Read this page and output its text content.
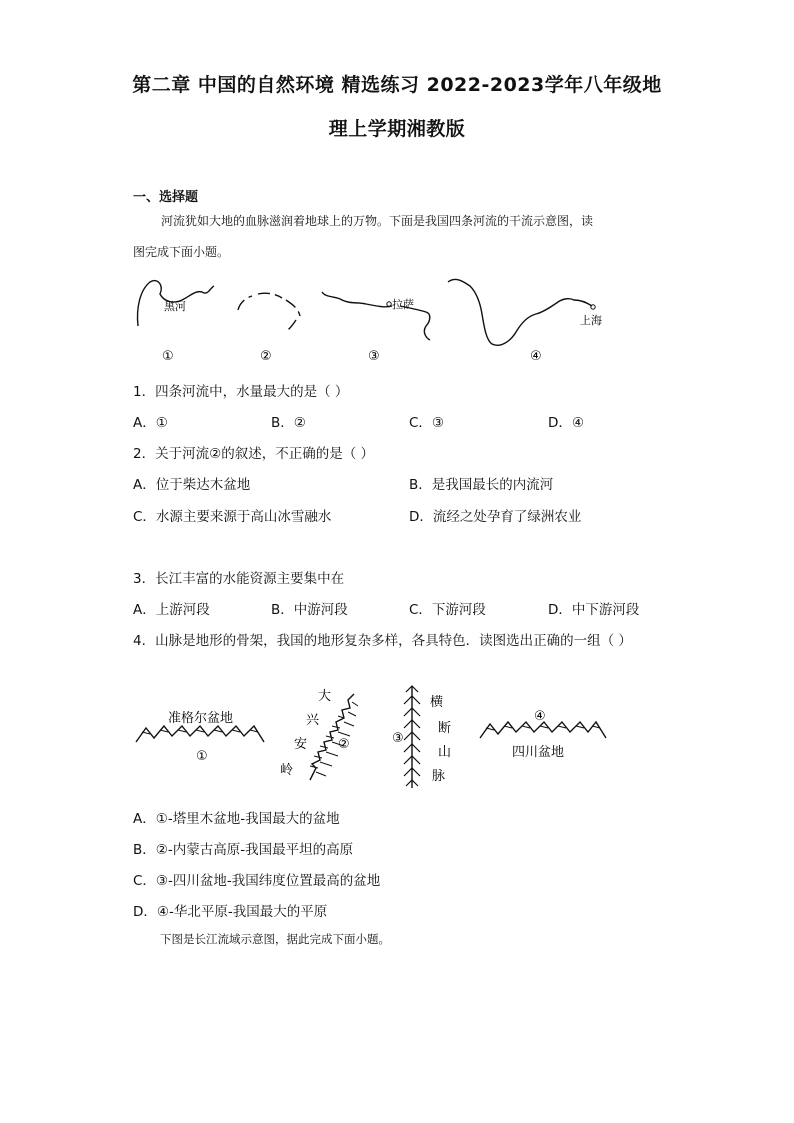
第二章 中国的自然环境 精选练习 2022-2023学年八年级地
理上学期湘教版
一、选择题
河流犹如大地的血脉滋润着地球上的万物。下面是我国四条河流的干流示意图，读
图完成下面小题。
黑河	拉萨
上海
①	②	③	④
1．四条河流中，水量最大的是（ ）
A．①	B．②	C．③	D．④
2．关于河流②的叙述，不正确的是（ ）
A．位于柴达木盆地	B．是我国最长的内流河
C．水源主要来源于高山冰雪融水	D．流经之处孕育了绿洲农业
3．长江丰富的水能资源主要集中在
A．上游河段	B．中游河段	C．下游河段	D．中下游河段
4．山脉是地形的骨架，我国的地形复杂多样，各具特色．读图选出正确的一组（ ）
准格尔盆地
①
大
兴
安
岭
②	③
横
断
山
脉
④
四川盆地
A．①-塔里木盆地-我国最大的盆地
B．②-内蒙古高原-我国最平坦的高原
C．③-四川盆地-我国纬度位置最高的盆地
D．④-华北平原-我国最大的平原
下图是长江流域示意图，据此完成下面小题。
